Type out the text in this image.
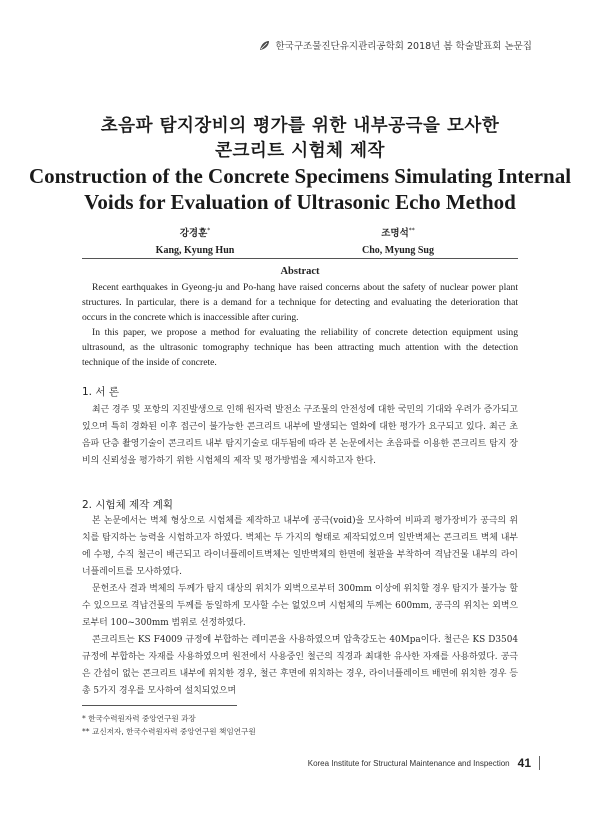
한국구조물진단유지관리공학회 2018년 봄 학술발표회 논문집
초음파 탐지장비의 평가를 위한 내부공극을 모사한
콘크리트 시험체 제작
Construction of the Concrete Specimens Simulating Internal
Voids for Evaluation of Ultrasonic Echo Method
강경훈*
Kang, Kyung Hun
조명석**
Cho, Myung Sug
Abstract

Recent earthquakes in Gyeong-ju and Po-hang have raised concerns about the safety of nuclear power plant structures. In particular, there is a demand for a technique for detecting and evaluating the deterioration that occurs in the concrete which is inaccessible after curing.

In this paper, we propose a method for evaluating the reliability of concrete detection equipment using ultrasound, as the ultrasonic tomography technique has been attracting much attention with the detection technique of the inside of concrete.

1. 서 론

최근 경주 및 포항의 지진발생으로 인해 원자력 발전소 구조물의 안전성에 대한 국민의 기대와 우려가 증가되고 있으며 특히 경화된 이후 접근이 불가능한 콘크리트 내부에 발생되는 열화에 대한 평가가 요구되고 있다. 최근 초음파 단층 촬영기술이 콘크리트 내부 탐지기술로 대두됨에 따라 본 논문에서는 초음파를 이용한 콘크리트 탐지 장비의 신뢰성을 평가하기 위한 시험체의 제작 및 평가방법을 제시하고자 한다.

2. 시험체 제작 계획

본 논문에서는 벽체 형상으로 시험체를 제작하고 내부에 공극(void)을 모사하여 비파괴 평가장비가 공극의 위치를 탐지하는 능력을 시험하고자 하였다. 벽체는 두 가지의 형태로 제작되었으며 일반벽체는 콘크리트 벽체 내부에 수평, 수직 철근이 배근되고 라이너플레이트벽체는 일반벽체의 한면에 철판을 부착하여 격납건물 내부의 라이너플레이트를 모사하였다.

문헌조사 결과 벽체의 두께가 탐지 대상의 위치가 외벽으로부터 300mm 이상에 위치할 경우 탐지가 불가능 할 수 있으므로 격납건물의 두께를 동일하게 모사할 수는 없었으며 시험체의 두께는 600mm, 공극의 위치는 외벽으로부터 100~300mm 범위로 선정하였다.

콘크리트는 KS F4009 규정에 부합하는 레미콘을 사용하였으며 압축강도는 40Mpa이다. 철근은 KS D3504 규정에 부합하는 자재를 사용하였으며 원전에서 사용중인 철근의 직경과 최대한 유사한 자재를 사용하였다. 공극은 간섭이 없는 콘크리트 내부에 위치한 경우, 철근 후면에 위치하는 경우, 라이너플레이트 배면에 위치한 경우 등 총 5가지 경우를 모사하여 설치되었으며

* 한국수력원자력 중앙연구원 과장
** 교신저자, 한국수력원자력 중앙연구원 책임연구원
Korea Institute for Structural Maintenance and Inspection 41
